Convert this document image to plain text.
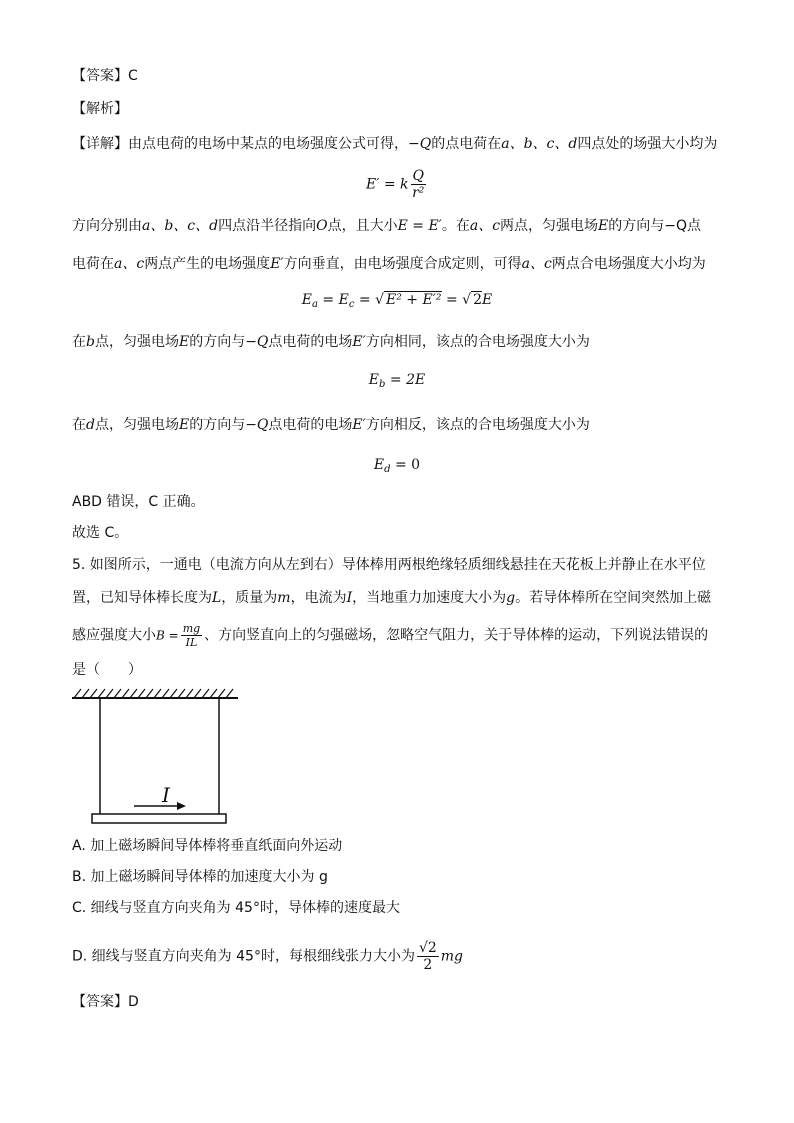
【答案】C
【解析】
【详解】由点电荷的电场中某点的电场强度公式可得，−Q的点电荷在a、b、c、d四点处的场强大小均为
E′ = k $\frac{Q}{\text{r²}}$
方向分别由a、b、c、d四点沿半径指向O点，且大小E = E′。在a、c两点，匀强电场E的方向与−Q点
电荷在a、c两点产生的电场强度E′方向垂直，由电场强度合成定则，可得a、c两点合电场强度大小均为
$E_a = E_c$ = √ E² + E′² = √ 2E
在b点，匀强电场E的方向与−Q点电荷的电场E′方向相同，该点的合电场强度大小为
$E_b = 2E$
在d点，匀强电场E的方向与−Q点电荷的电场E′方向相反，该点的合电场强度大小为
$E_d = 0$
ABD 错误，C 正确。
故选 C。
5. 如图所示，一通电（电流方向从左到右）导体棒用两根绝缘轻质细线悬挂在天花板上并静止在水平位
置，已知导体棒长度为L，质量为m，电流为I，当地重力加速度大小为g。若导体棒所在空间突然加上磁
感应强度大小$B = \frac{mg}{IL}$ 、方向竖直向上的匀强磁场，忽略空气阻力，关于导体棒的运动，下列说法错误的
是（　　）
I
A. 加上磁场瞬间导体棒将垂直纸面向外运动
B. 加上磁场瞬间导体棒的加速度大小为 g
C. 细线与竖直方向夹角为 45°时，导体棒的速度最大
D. 细线与竖直方向夹角为 45°时，每根细线张力大小为 $\frac{√2}{2}$ mg
【答案】D
